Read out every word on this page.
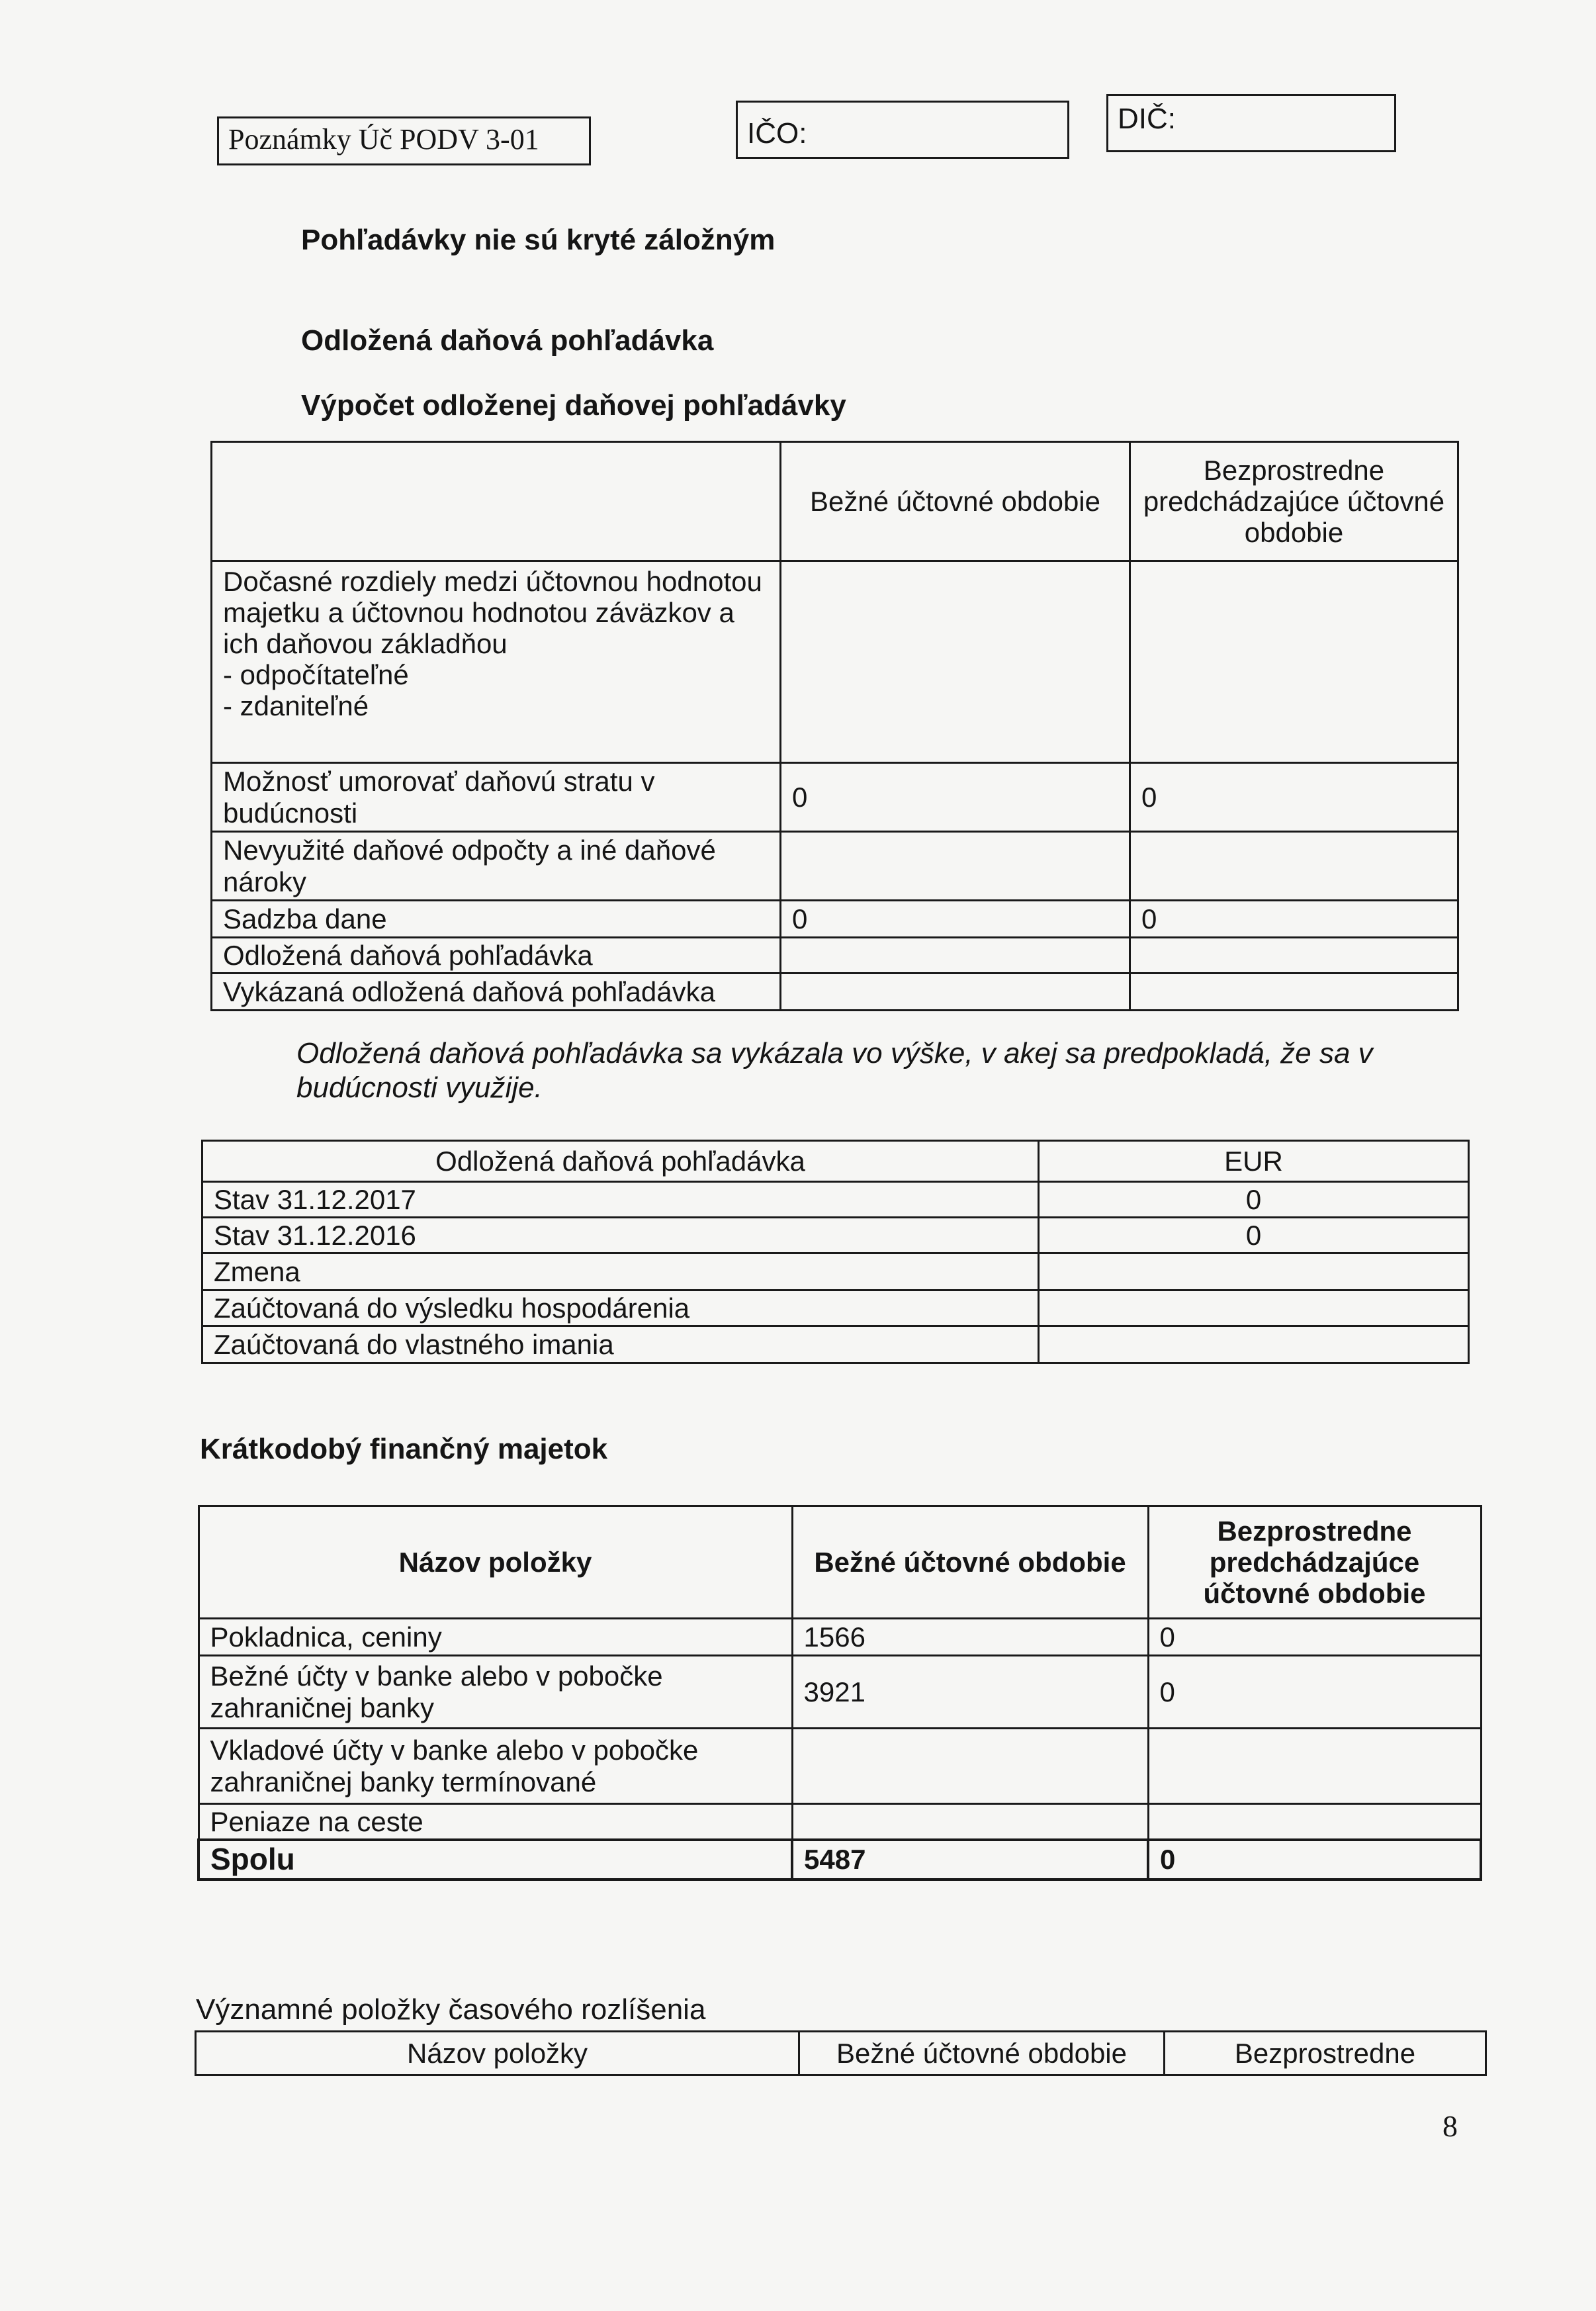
Poznámky Úč PODV 3-01	IČO:	DIČ:
Pohľadávky nie sú kryté záložným
Odložená daňová pohľadávka
Výpočet odloženej daňovej pohľadávky
	Bežné účtovné obdobie	Bezprostredne predchádzajúce účtovné obdobie

Dočasné rozdiely medzi účtovnou hodnotou majetku a účtovnou hodnotou záväzkov a ich daňovou základňou
- odpočítateľné
- zdaniteľné		

Možnosť umorovať daňovú stratu v budúcnosti	0	0
Nevyužité daňové odpočty a iné daňové nároky		
Sadzba dane	0	0
Odložená daňová pohľadávka		
Vykázaná odložená daňová pohľadávka		
Odložená daňová pohľadávka sa vykázala vo výške, v akej sa predpokladá, že sa v budúcnosti využije.
Odložená daňová pohľadávka	EUR
Stav 31.12.2017	0
Stav 31.12.2016	0
Zmena	
Zaúčtovaná do výsledku hospodárenia	
Zaúčtovaná do vlastného imania	
Krátkodobý finančný majetok
Názov položky	Bežné účtovné obdobie	Bezprostredne predchádzajúce účtovné obdobie
Pokladnica, ceniny	1566	0
Bežné účty v banke alebo v pobočke zahraničnej banky	3921	0
Vkladové účty v banke alebo v pobočke zahraničnej banky termínované		
Peniaze na ceste		
Spolu	5487	0
Významné položky časového rozlíšenia
Názov položky	Bežné účtovné obdobie	Bezprostredne
8
